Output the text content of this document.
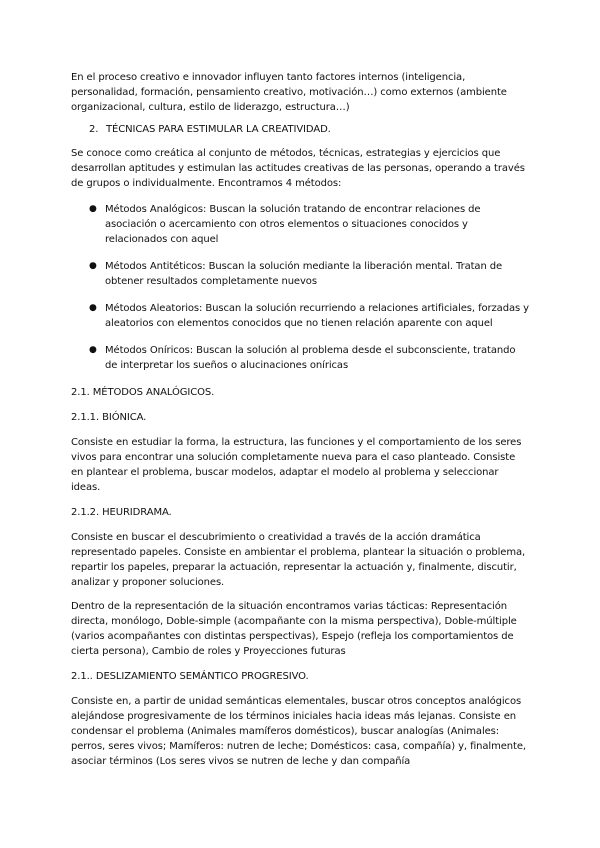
En el proceso creativo e innovador influyen tanto factores internos (inteligencia, personalidad, formación, pensamiento creativo, motivación…) como externos (ambiente organizacional, cultura, estilo de liderazgo, estructura…)

2. TÉCNICAS PARA ESTIMULAR LA CREATIVIDAD.

Se conoce como creática al conjunto de métodos, técnicas, estrategias y ejercicios que desarrollan aptitudes y estimulan las actitudes creativas de las personas, operando a través de grupos o individualmente. Encontramos 4 métodos:

● Métodos Analógicos: Buscan la solución tratando de encontrar relaciones de asociación o acercamiento con otros elementos o situaciones conocidos y relacionados con aquel
● Métodos Antitéticos: Buscan la solución mediante la liberación mental. Tratan de obtener resultados completamente nuevos
● Métodos Aleatorios: Buscan la solución recurriendo a relaciones artificiales, forzadas y aleatorios con elementos conocidos que no tienen relación aparente con aquel
● Métodos Oníricos: Buscan la solución al problema desde el subconsciente, tratando de interpretar los sueños o alucinaciones oníricas

2.1. MÉTODOS ANALÓGICOS.

2.1.1. BIÓNICA.

Consiste en estudiar la forma, la estructura, las funciones y el comportamiento de los seres vivos para encontrar una solución completamente nueva para el caso planteado. Consiste en plantear el problema, buscar modelos, adaptar el modelo al problema y seleccionar ideas.

2.1.2. HEURIDRAMA.

Consiste en buscar el descubrimiento o creatividad a través de la acción dramática representado papeles. Consiste en ambientar el problema, plantear la situación o problema, repartir los papeles, preparar la actuación, representar la actuación y, finalmente, discutir, analizar y proponer soluciones.

Dentro de la representación de la situación encontramos varias tácticas: Representación directa, monólogo, Doble-simple (acompañante con la misma perspectiva), Doble-múltiple (varios acompañantes con distintas perspectivas), Espejo (refleja los comportamientos de cierta persona), Cambio de roles y Proyecciones futuras

2.1.. DESLIZAMIENTO SEMÁNTICO PROGRESIVO.

Consiste en, a partir de unidad semánticas elementales, buscar otros conceptos analógicos alejándose progresivamente de los términos iniciales hacia ideas más lejanas. Consiste en condensar el problema (Animales mamíferos domésticos), buscar analogías (Animales: perros, seres vivos; Mamíferos: nutren de leche; Domésticos: casa, compañía) y, finalmente, asociar términos (Los seres vivos se nutren de leche y dan compañía
